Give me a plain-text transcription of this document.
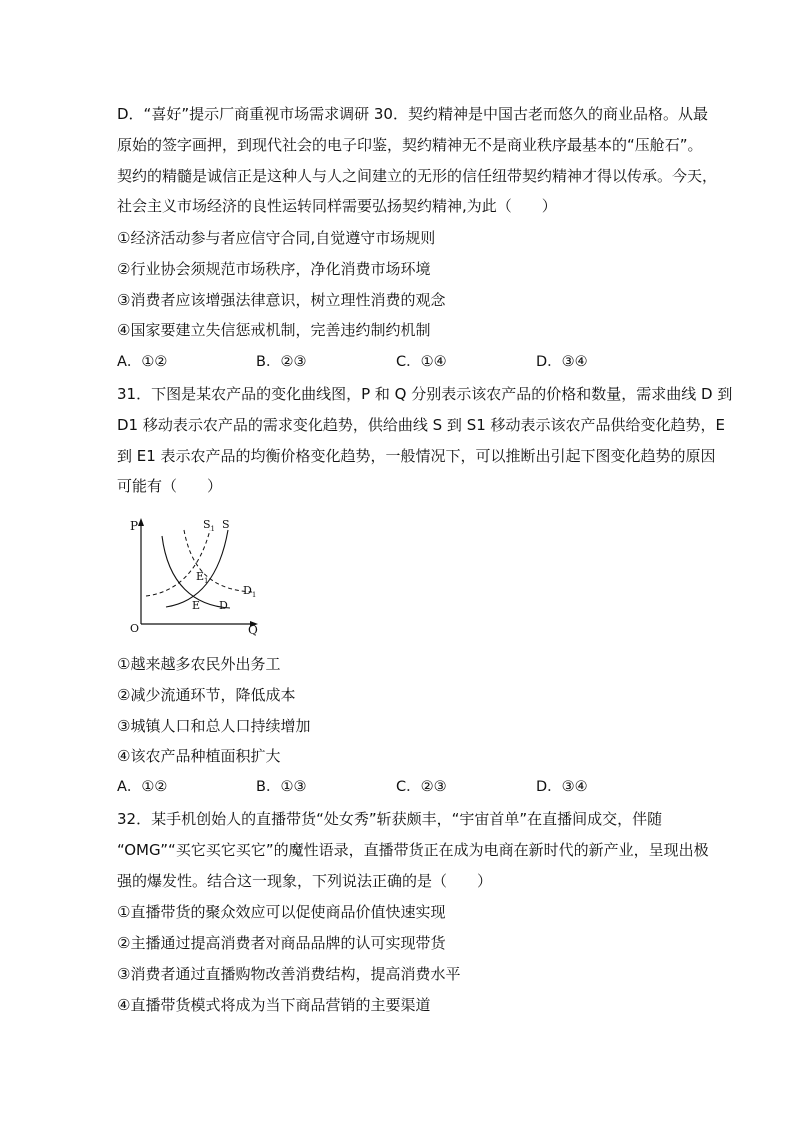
D．“喜好”提示厂商重视市场需求调研 30．契约精神是中国古老而悠久的商业品格。从最
原始的签字画押，到现代社会的电子印鉴，契约精神无不是商业秩序最基本的“压舱石”。
契约的精髓是诚信正是这种人与人之间建立的无形的信任纽带契约精神才得以传承。今天，
社会主义市场经济的良性运转同样需要弘扬契约精神,为此（　　）
①经济活动参与者应信守合同,自觉遵守市场规则
②行业协会须规范市场秩序，净化消费市场环境
③消费者应该增强法律意识，树立理性消费的观念
④国家要建立失信惩戒机制，完善违约制约机制
A．①②	B．②③	C．①④	D．③④
31．下图是某农产品的变化曲线图，P 和 Q 分别表示该农产品的价格和数量，需求曲线 D 到
D1 移动表示农产品的需求变化趋势，供给曲线 S 到 S1 移动表示该农产品供给变化趋势，E
到 E1 表示农产品的均衡价格变化趋势，一般情况下，可以推断出引起下图变化趋势的原因
可能有（　　）
P
Q
O
$S_1$ S
$D_1$
D
E
$E_1$
①越来越多农民外出务工
②减少流通环节，降低成本
③城镇人口和总人口持续增加
④该农产品种植面积扩大
A．①②	B．①③	C．②③	D．③④
32．某手机创始人的直播带货“处女秀”斩获颇丰，“宇宙首单”在直播间成交，伴随
“OMG”“买它买它买它”的魔性语录，直播带货正在成为电商在新时代的新产业，呈现出极
强的爆发性。结合这一现象，下列说法正确的是（　　）
①直播带货的聚众效应可以促使商品价值快速实现
②主播通过提高消费者对商品品牌的认可实现带货
③消费者通过直播购物改善消费结构，提高消费水平
④直播带货模式将成为当下商品营销的主要渠道
